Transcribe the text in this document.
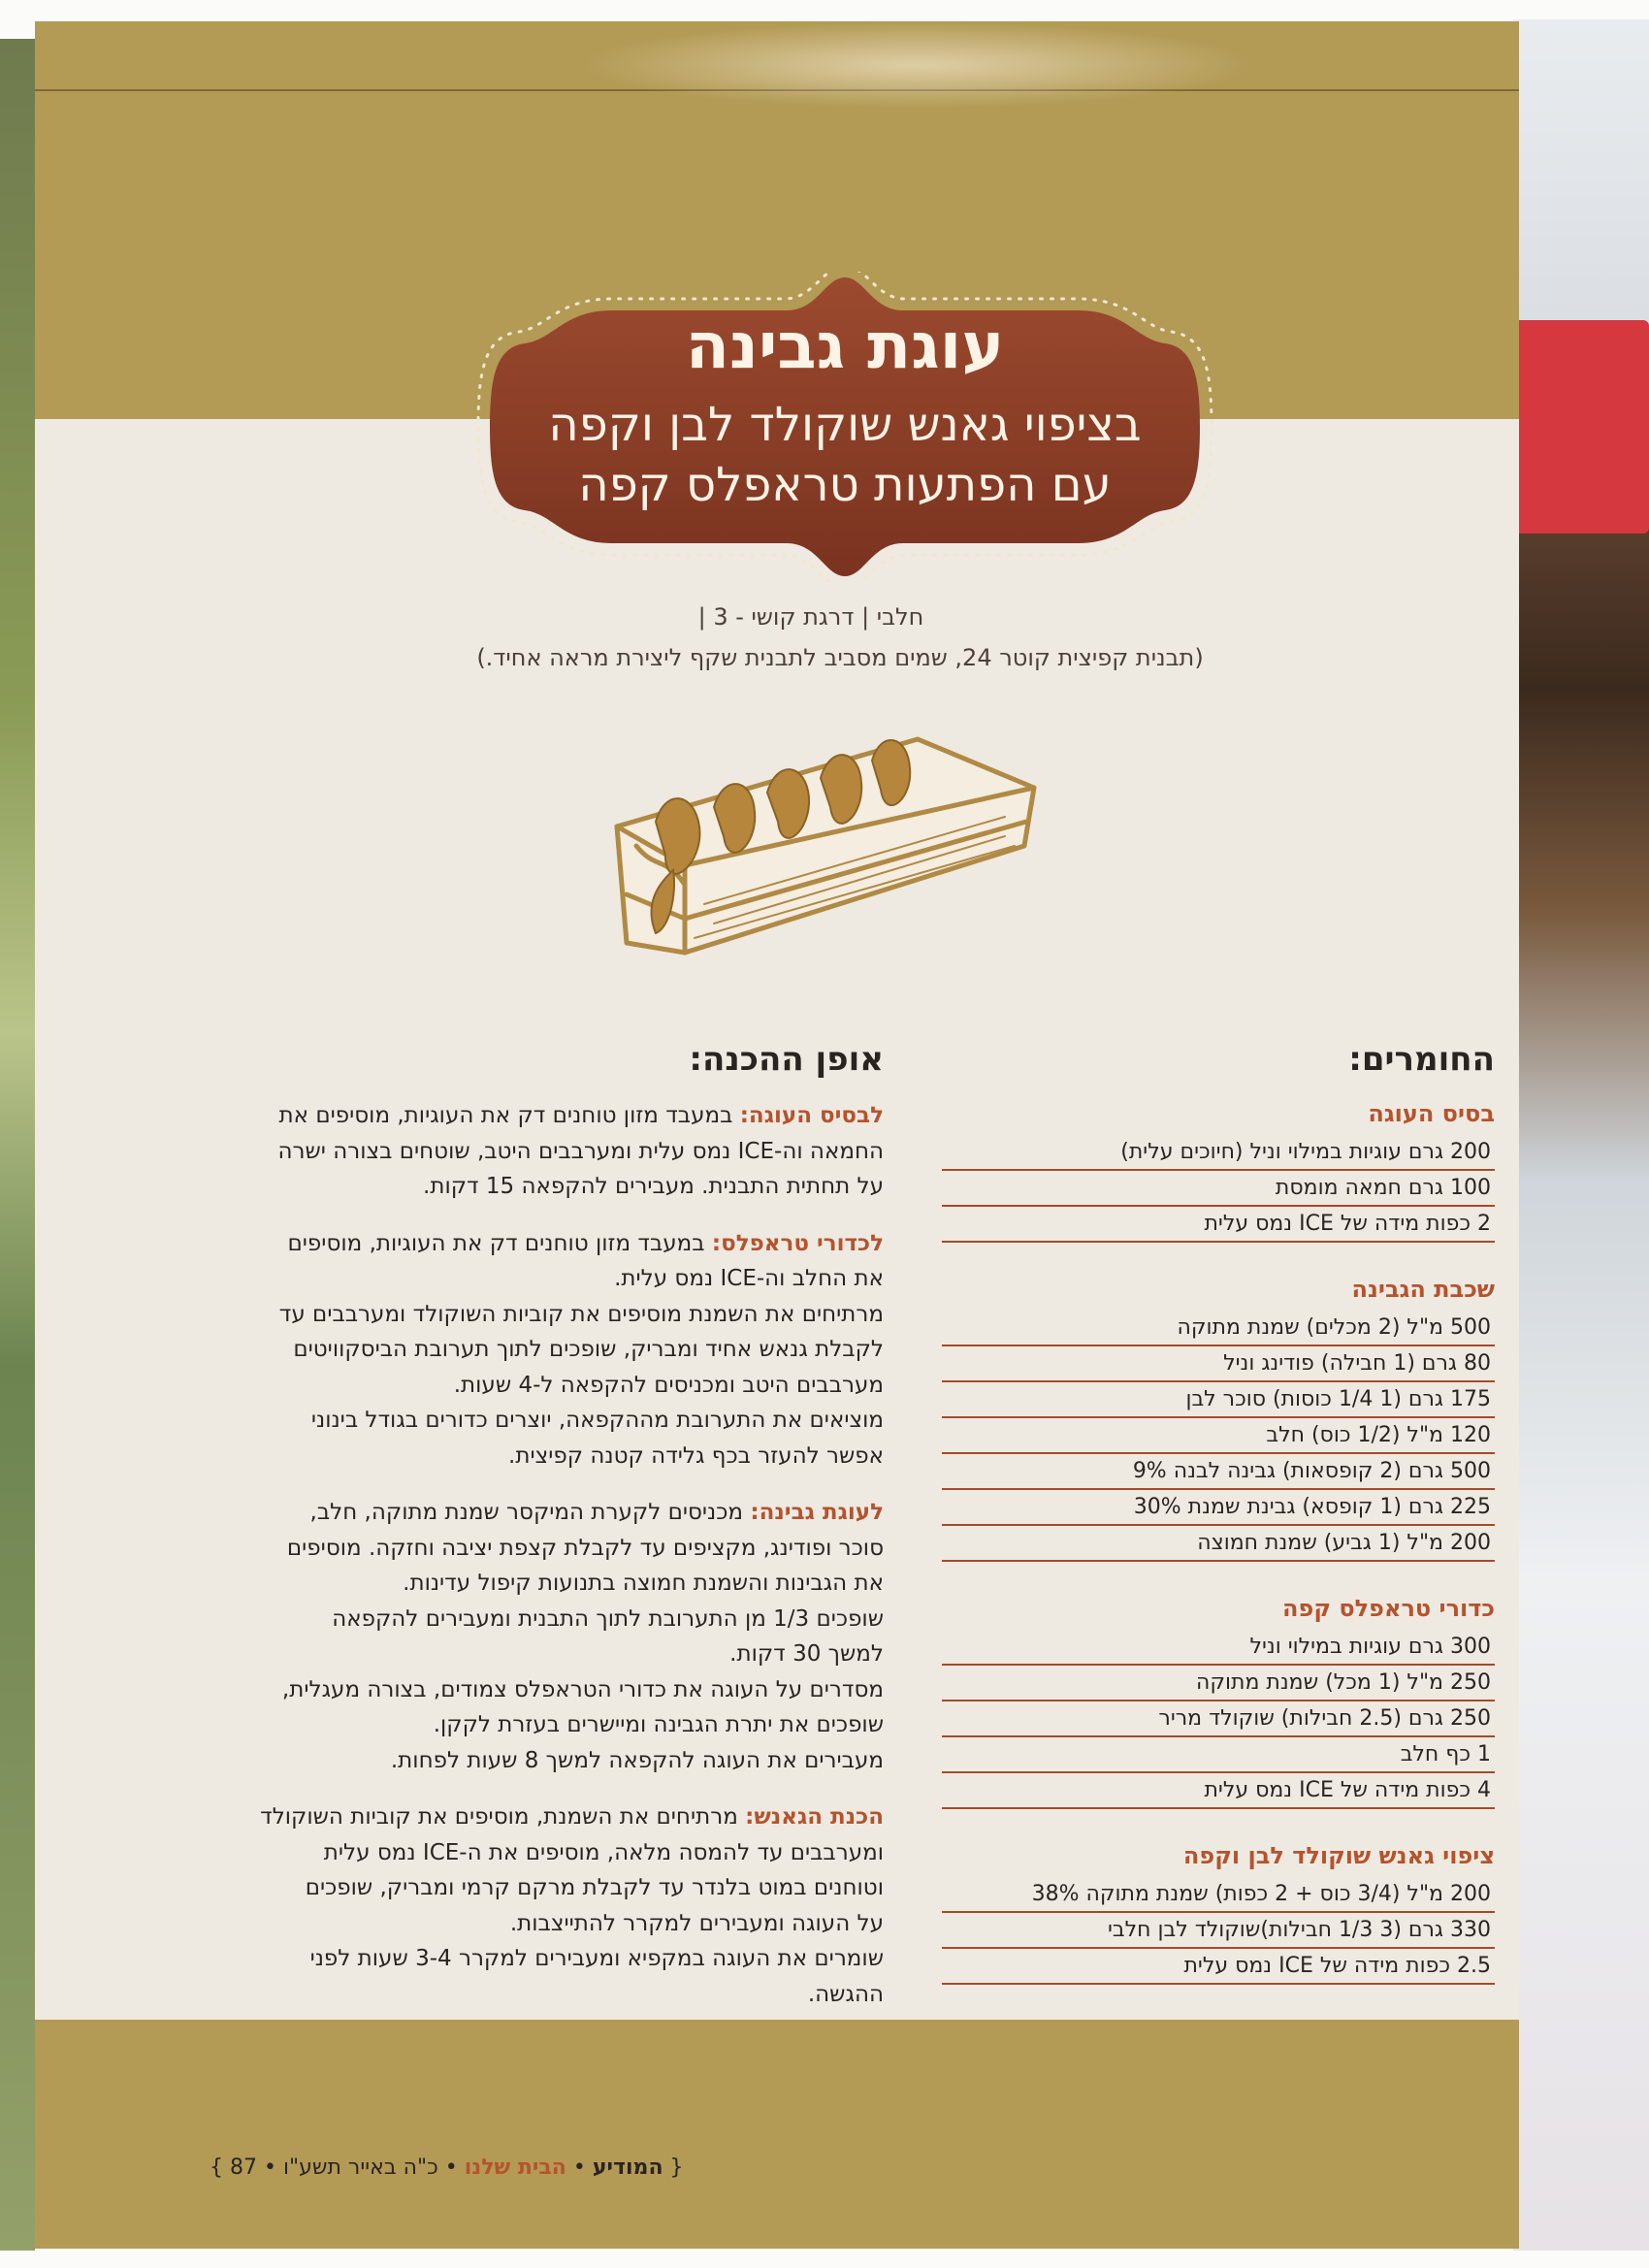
עוגת גבינה
בציפוי גאנש שוקולד לבן וקפה
עם הפתעות טראפלס קפה
חלבי | דרגת קושי - 3 |
(תבנית קפיצית קוטר 24, שמים מסביב לתבנית שקף ליצירת מראה אחיד.)
החומרים:
בסיס העוגה
200 גרם עוגיות במילוי וניל (חיוכים עלית)
100 גרם חמאה מומסת
2 כפות מידה של ICE נמס עלית
שכבת הגבינה
500 מ"ל (2 מכלים) שמנת מתוקה
80 גרם (1 חבילה) פודינג וניל
175 גרם (1 1/4 כוסות) סוכר לבן
120 מ"ל (1/2 כוס) חלב
500 גרם (2 קופסאות) גבינה לבנה 9%
225 גרם (1 קופסא) גבינת שמנת 30%
200 מ"ל (1 גביע) שמנת חמוצה
כדורי טראפלס קפה
300 גרם עוגיות במילוי וניל
250 מ"ל (1 מכל) שמנת מתוקה
250 גרם (2.5 חבילות) שוקולד מריר
1 כף חלב
4 כפות מידה של ICE נמס עלית
ציפוי גאנש שוקולד לבן וקפה
200 מ"ל (3/4 כוס + 2 כפות) שמנת מתוקה 38%
330 גרם (3 1/3 חבילות)שוקולד לבן חלבי
2.5 כפות מידה של ICE נמס עלית
אופן ההכנה:
לבסיס העוגה: במעבד מזון טוחנים דק את העוגיות, מוסיפים את
החמאה וה-ICE נמס עלית ומערבבים היטב, שוטחים בצורה ישרה
על תחתית התבנית. מעבירים להקפאה 15 דקות.
לכדורי טראפלס: במעבד מזון טוחנים דק את העוגיות, מוסיפים
את החלב וה-ICE נמס עלית.
מרתיחים את השמנת מוסיפים את קוביות השוקולד ומערבבים עד
לקבלת גנאש אחיד ומבריק, שופכים לתוך תערובת הביסקוויטים
מערבבים היטב ומכניסים להקפאה ל-4 שעות.
מוציאים את התערובת מההקפאה, יוצרים כדורים בגודל בינוני
אפשר להעזר בכף גלידה קטנה קפיצית.
לעוגת גבינה: מכניסים לקערת המיקסר שמנת מתוקה, חלב,
סוכר ופודינג, מקציפים עד לקבלת קצפת יציבה וחזקה. מוסיפים
את הגבינות והשמנת חמוצה בתנועות קיפול עדינות.
שופכים 1/3 מן התערובת לתוך התבנית ומעבירים להקפאה
למשך 30 דקות.
מסדרים על העוגה את כדורי הטראפלס צמודים, בצורה מעגלית,
שופכים את יתרת הגבינה ומיישרים בעזרת לקקן.
מעבירים את העוגה להקפאה למשך 8 שעות לפחות.
הכנת הגאנש: מרתיחים את השמנת, מוסיפים את קוביות השוקולד
ומערבבים עד להמסה מלאה, מוסיפים את ה-ICE נמס עלית
וטוחנים במוט בלנדר עד לקבלת מרקם קרמי ומבריק, שופכים
על העוגה ומעבירים למקרר להתייצבות.
שומרים את העוגה במקפיא ומעבירים למקרר 3-4 שעות לפני
ההגשה.
{ המודיע • הבית שלנו • כ"ה באייר תשע"ו • 87 }
